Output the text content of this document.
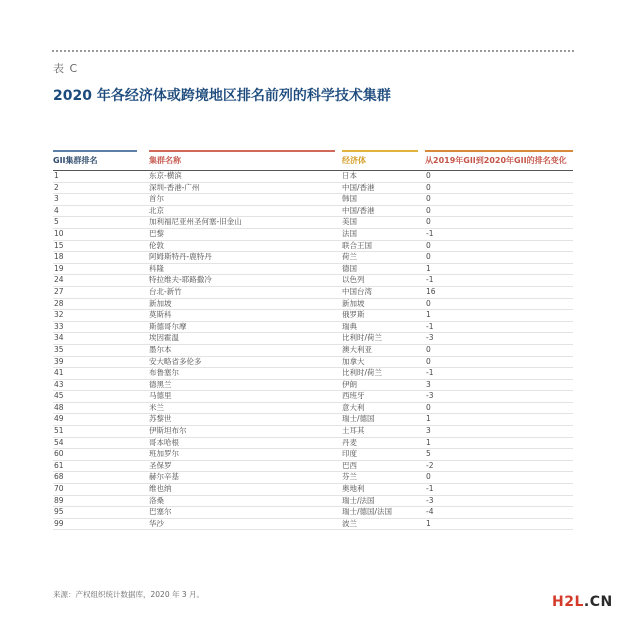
表 C
2020 年各经济体或跨境地区排名前列的科学技术集群
GII集群排名	集群名称	经济体	从2019年GII到2020年GII的排名变化
1	东京-横滨	日本	0
2	深圳-香港-广州	中国/香港	0
3	首尔	韩国	0
4	北京	中国/香港	0
5	加利福尼亚州圣何塞-旧金山	美国	0
10	巴黎	法国	-1
15	伦敦	联合王国	0
18	阿姆斯特丹-鹿特丹	荷兰	0
19	科隆	德国	1
24	特拉维夫-耶路撒冷	以色列	-1
27	台北-新竹	中国台湾	16
28	新加坡	新加坡	0
32	莫斯科	俄罗斯	1
33	斯德哥尔摩	瑞典	-1
34	埃因霍温	比利时/荷兰	-3
35	墨尔本	澳大利亚	0
39	安大略省多伦多	加拿大	0
41	布鲁塞尔	比利时/荷兰	-1
43	德黑兰	伊朗	3
45	马德里	西班牙	-3
48	米兰	意大利	0
49	苏黎世	瑞士/德国	1
51	伊斯坦布尔	土耳其	3
54	哥本哈根	丹麦	1
60	班加罗尔	印度	5
61	圣保罗	巴西	-2
68	赫尔辛基	芬兰	0
70	维也纳	奥地利	-1
89	洛桑	瑞士/法国	-3
95	巴塞尔	瑞士/德国/法国	-4
99	华沙	波兰	1
来源：产权组织统计数据库，2020 年 3 月。	H2L.CN
